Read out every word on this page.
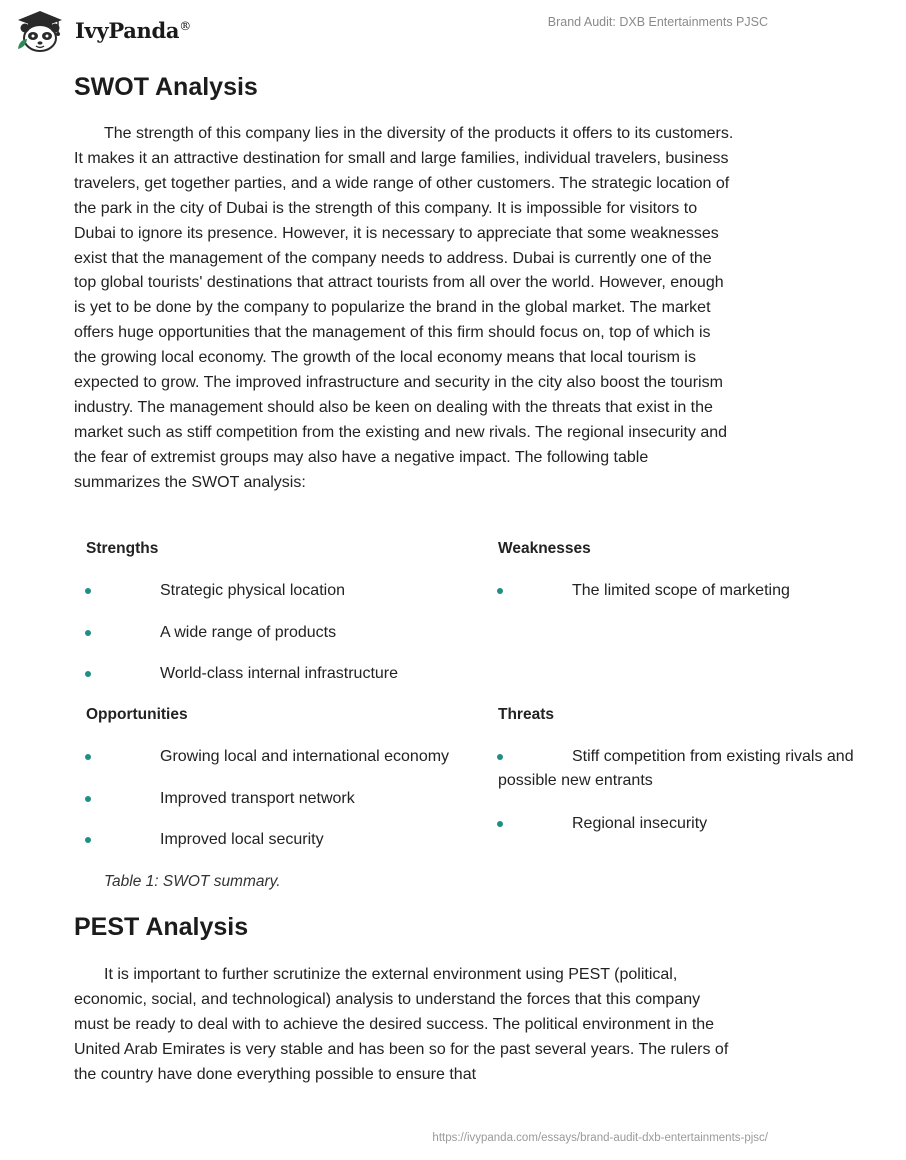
IvyPanda®	Brand Audit: DXB Entertainments PJSC
SWOT Analysis

The strength of this company lies in the diversity of the products it offers to its customers. It makes it an attractive destination for small and large families, individual travelers, business travelers, get together parties, and a wide range of other customers. The strategic location of the park in the city of Dubai is the strength of this company. It is impossible for visitors to Dubai to ignore its presence. However, it is necessary to appreciate that some weaknesses exist that the management of the company needs to address. Dubai is currently one of the top global tourists' destinations that attract tourists from all over the world. However, enough is yet to be done by the company to popularize the brand in the global market. The market offers huge opportunities that the management of this firm should focus on, top of which is the growing local economy. The growth of the local economy means that local tourism is expected to grow. The improved infrastructure and security in the city also boost the tourism industry. The management should also be keen on dealing with the threats that exist in the market such as stiff competition from the existing and new rivals. The regional insecurity and the fear of extremist groups may also have a negative impact. The following table summarizes the SWOT analysis:

Strengths
Strategic physical location
A wide range of products
World-class internal infrastructure
Weaknesses
The limited scope of marketing
Opportunities
Growing local and international economy
Improved transport network
Improved local security
Threats
Stiff competition from existing rivals and possible new entrants
Regional insecurity
Table 1: SWOT summary.
PEST Analysis

It is important to further scrutinize the external environment using PEST (political, economic, social, and technological) analysis to understand the forces that this company must be ready to deal with to achieve the desired success. The political environment in the United Arab Emirates is very stable and has been so for the past several years. The rulers of the country have done everything possible to ensure that

https://ivypanda.com/essays/brand-audit-dxb-entertainments-pjsc/
